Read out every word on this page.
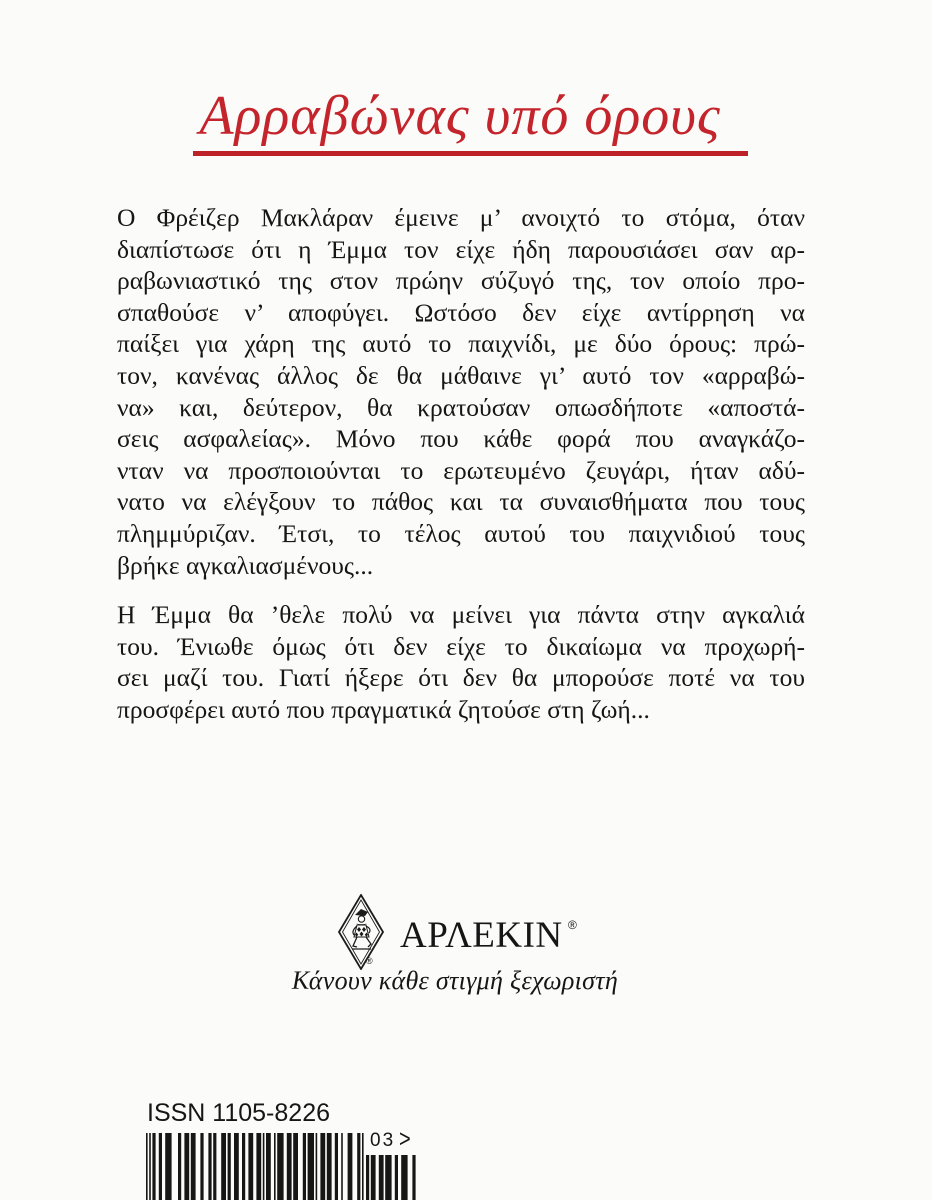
Αρραβώνας υπό όρους
Ο Φρέιζερ Μακλάραν έμεινε μ’ ανοιχτό το στόμα, όταν
διαπίστωσε ότι η Έμμα τον είχε ήδη παρουσιάσει σαν αρ-
ραβωνιαστικό της στον πρώην σύζυγό της, τον οποίο προ-
σπαθούσε ν’ αποφύγει. Ωστόσο δεν είχε αντίρρηση να
παίξει για χάρη της αυτό το παιχνίδι, με δύο όρους: πρώ-
τον, κανένας άλλος δε θα μάθαινε γι’ αυτό τον «αρραβώ-
να» και, δεύτερον, θα κρατούσαν οπωσδήποτε «αποστά-
σεις ασφαλείας». Μόνο που κάθε φορά που αναγκάζο-
νταν να προσποιούνται το ερωτευμένο ζευγάρι, ήταν αδύ-
νατο να ελέγξουν το πάθος και τα συναισθήματα που τους
πλημμύριζαν. Έτσι, το τέλος αυτού του παιχνιδιού τους
βρήκε αγκαλιασμένους...
Η Έμμα θα ’θελε πολύ να μείνει για πάντα στην αγκαλιά
του. Ένιωθε όμως ότι δεν είχε το δικαίωμα να προχωρή-
σει μαζί του. Γιατί ήξερε ότι δεν θα μπορούσε ποτέ να του
προσφέρει αυτό που πραγματικά ζητούσε στη ζωή...
®
ΑΡΛΕΚΙΝ ®
Κάνουν κάθε στιγμή ξεχωριστή
ISSN 1105-8226
03 >
